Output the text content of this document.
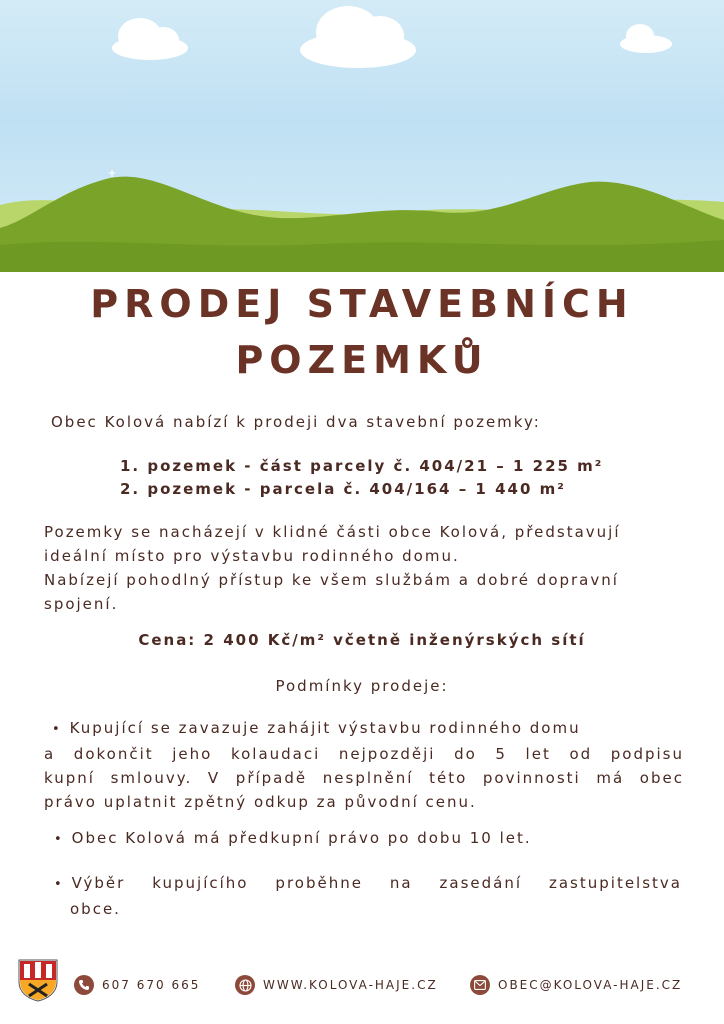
PRODEJ STAVEBNÍCH
POZEMKŮ

Obec Kolová nabízí k prodeji dva stavební pozemky:

1. pozemek - část parcely č. 404/21 – 1 225 m²
2. pozemek - parcela č. 404/164 – 1 440 m²
Pozemky se nacházejí v klidné části obce Kolová, představují
ideální místo pro výstavbu rodinného domu.
Nabízejí pohodlný přístup ke všem službám a dobré dopravní
spojení.

Cena: 2 400 Kč/m² včetně inženýrských sítí

Podmínky prodeje:

• Kupující se zavazuje zahájit výstavbu rodinného domu
a dokončit jeho kolaudaci nejpozději do 5 let od podpisu
kupní smlouvy. V případě nesplnění této povinnosti má obec
právo uplatnit zpětný odkup za původní cenu.
• Obec Kolová má předkupní právo po dobu 10 let.
• Výběr kupujícího proběhne na zasedání zastupitelstva
obce.
607 670 665	WWW.KOLOVA-HAJE.CZ	OBEC@KOLOVA-HAJE.CZ
